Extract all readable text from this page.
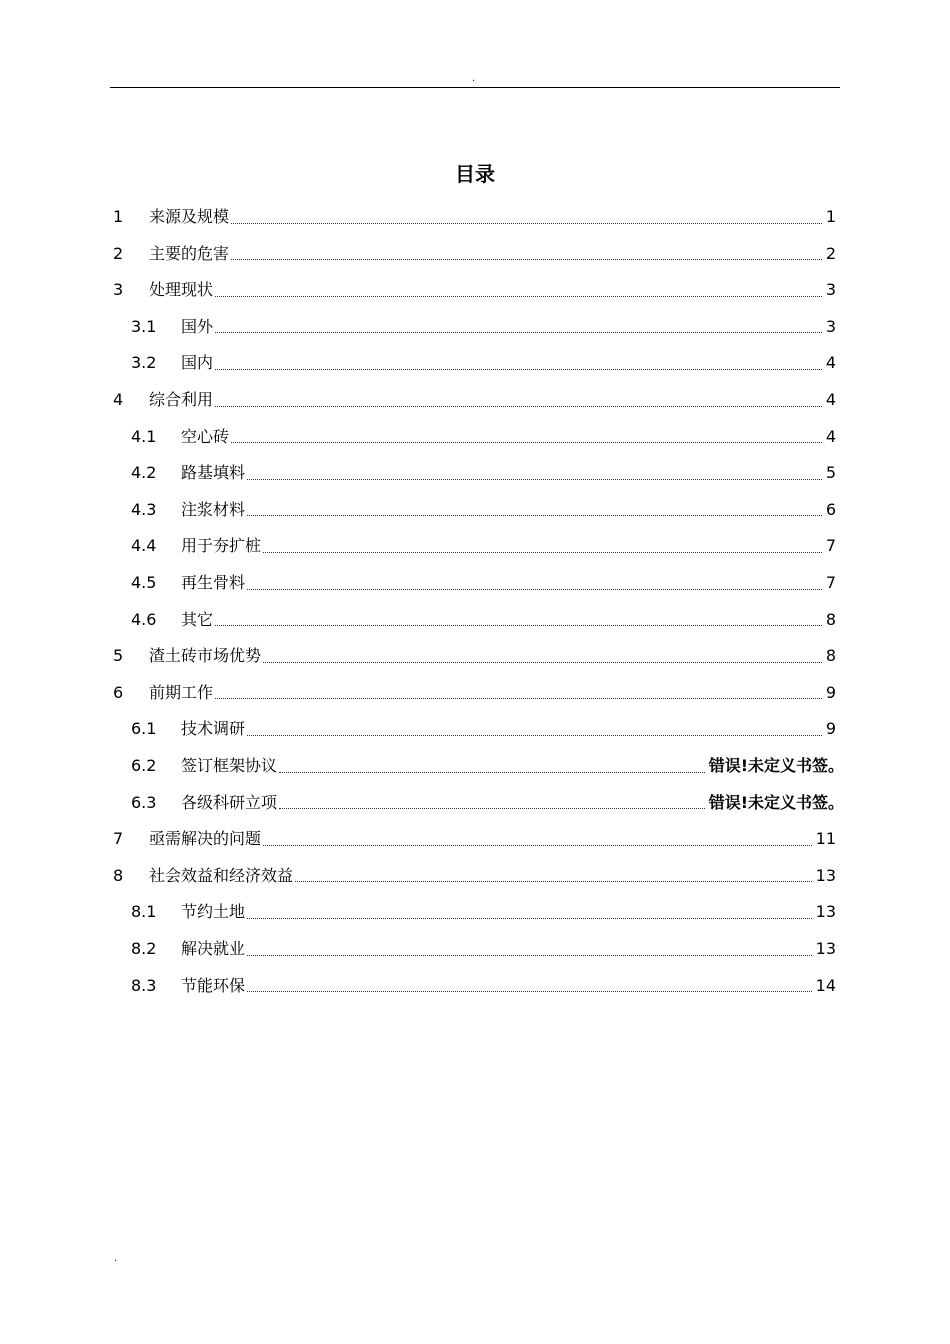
.
目录
1	来源及规模	1
2	主要的危害	2
3	处理现状	3
3.1	国外	3
3.2	国内	4
4	综合利用	4
4.1	空心砖	4
4.2	路基填料	5
4.3	注浆材料	6
4.4	用于夯扩桩	7
4.5	再生骨料	7
4.6	其它	8
5	渣土砖市场优势	8
6	前期工作	9
6.1	技术调研	9
6.2	签订框架协议	错误!未定义书签。
6.3	各级科研立项	错误!未定义书签。
7	亟需解决的问题	11
8	社会效益和经济效益	13
8.1	节约土地	13
8.2	解决就业	13
8.3	节能环保	14
.
